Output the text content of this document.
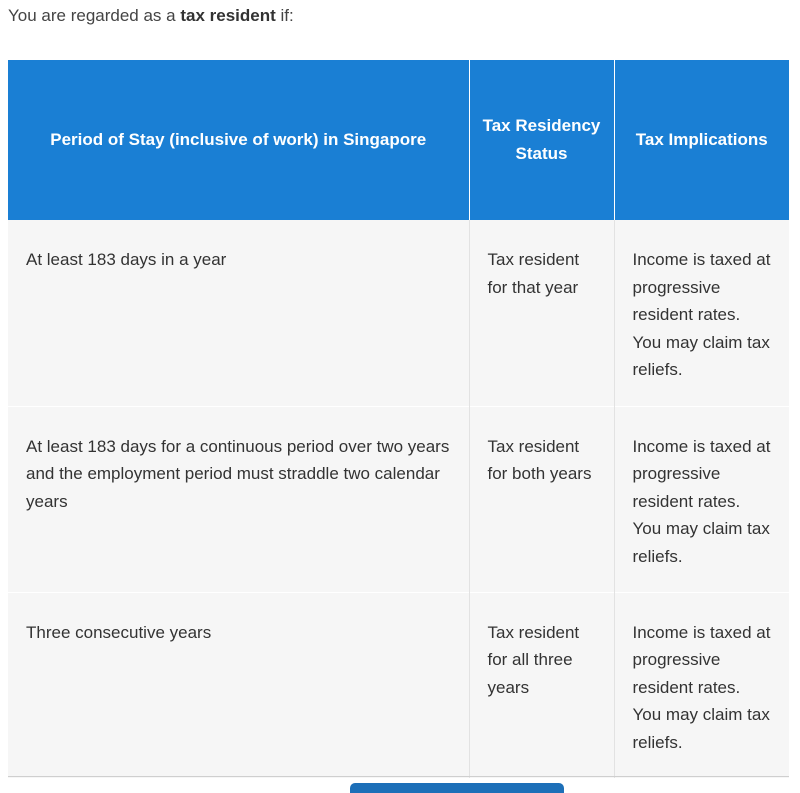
You are regarded as a tax resident if:

Period of Stay (inclusive of work) in Singapore	Tax Residency Status	Tax Implications
At least 183 days in a year	Tax resident for that year	Income is taxed at progressive resident rates. You may claim tax reliefs.
At least 183 days for a continuous period over two years and the employment period must straddle two calendar years	Tax resident for both years	Income is taxed at progressive resident rates. You may claim tax reliefs.
Three consecutive years	Tax resident for all three years	Income is taxed at progressive resident rates. You may claim tax reliefs.
